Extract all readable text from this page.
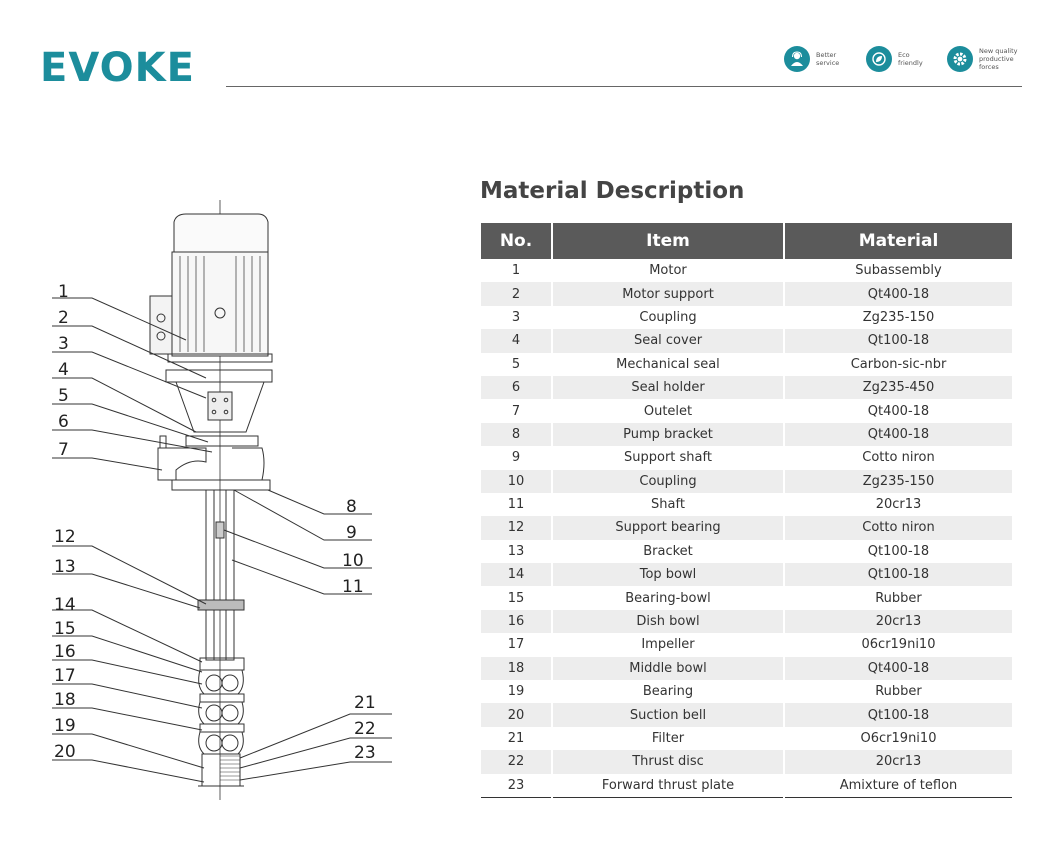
EVOKE	Better
service
Eco
friendly
New quality
productive
forces
Material Description
No.	Item	Material
1	Motor	Subassembly
2	Motor support	Qt400-18
3	Coupling	Zg235-150
4	Seal cover	Qt100-18
5	Mechanical seal	Carbon-sic-nbr
6	Seal holder	Zg235-450
7	Outelet	Qt400-18
8	Pump bracket	Qt400-18
9	Support shaft	Cotto niron
10	Coupling	Zg235-150
11	Shaft	20cr13
12	Support bearing	Cotto niron
13	Bracket	Qt100-18
14	Top bowl	Qt100-18
15	Bearing-bowl	Rubber
16	Dish bowl	20cr13
17	Impeller	06cr19ni10
18	Middle bowl	Qt400-18
19	Bearing	Rubber
20	Suction bell	Qt100-18
21	Filter	O6cr19ni10
22	Thrust disc	20cr13
23	Forward thrust plate	Amixture of teflon
1
2
3
4
5
6
7
8
9
10
11
12
13
14
15
16
17
18
19
20
21
22
23
